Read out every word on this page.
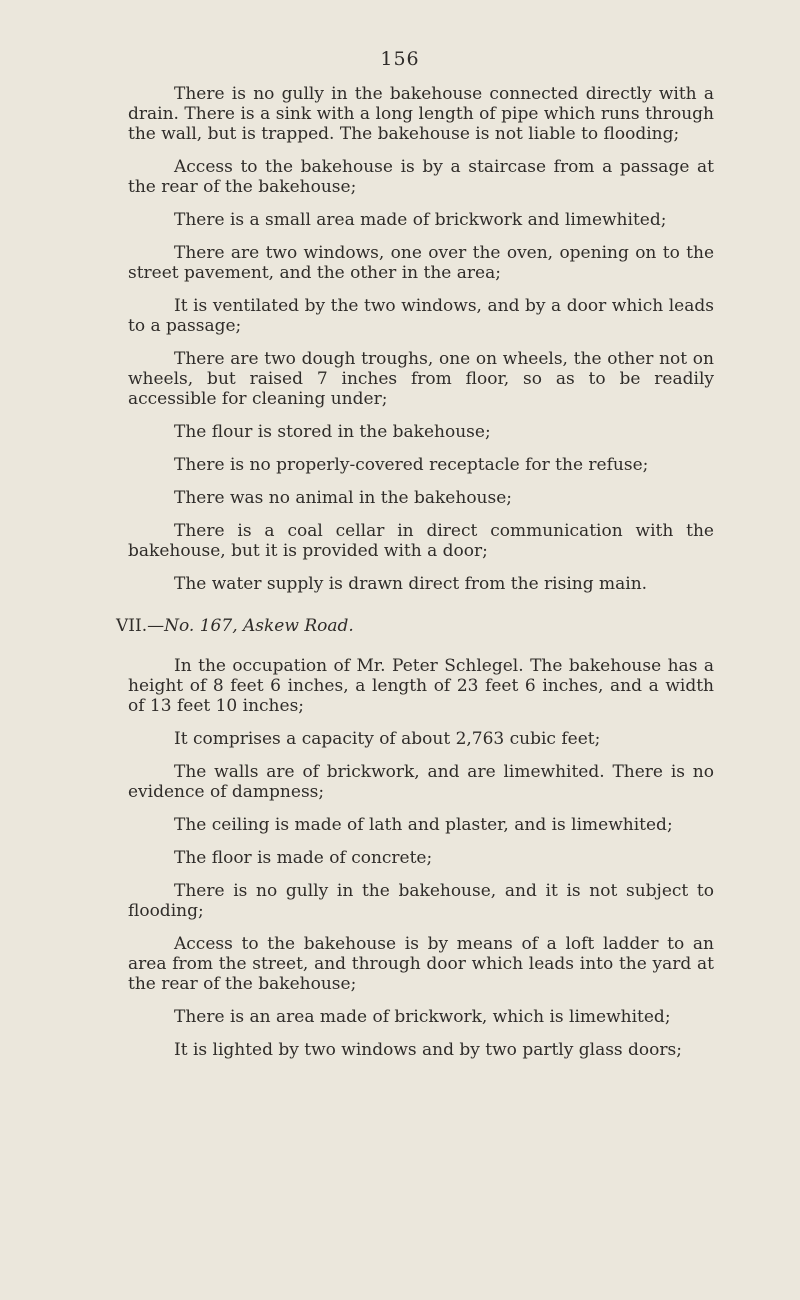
156

There is no gully in the bakehouse connected directly with a drain. There is a sink with a long length of pipe which runs through the wall, but is trapped. The bakehouse is not liable to flooding;

Access to the bakehouse is by a staircase from a passage at the rear of the bakehouse;

There is a small area made of brickwork and limewhited;

There are two windows, one over the oven, opening on to the street pavement, and the other in the area;

It is ventilated by the two windows, and by a door which leads to a passage;

There are two dough troughs, one on wheels, the other not on wheels, but raised 7 inches from floor, so as to be readily accessible for cleaning under;

The flour is stored in the bakehouse;

There is no properly-covered receptacle for the refuse;

There was no animal in the bakehouse;

There is a coal cellar in direct communication with the bakehouse, but it is provided with a door;

The water supply is drawn direct from the rising main.

VII.—No. 167, Askew Road.

In the occupation of Mr. Peter Schlegel. The bakehouse has a height of 8 feet 6 inches, a length of 23 feet 6 inches, and a width of 13 feet 10 inches;

It comprises a capacity of about 2,763 cubic feet;

The walls are of brickwork, and are limewhited. There is no evidence of dampness;

The ceiling is made of lath and plaster, and is limewhited;

The floor is made of concrete;

There is no gully in the bakehouse, and it is not subject to flooding;

Access to the bakehouse is by means of a loft ladder to an area from the street, and through door which leads into the yard at the rear of the bakehouse;

There is an area made of brickwork, which is limewhited;

It is lighted by two windows and by two partly glass doors;
